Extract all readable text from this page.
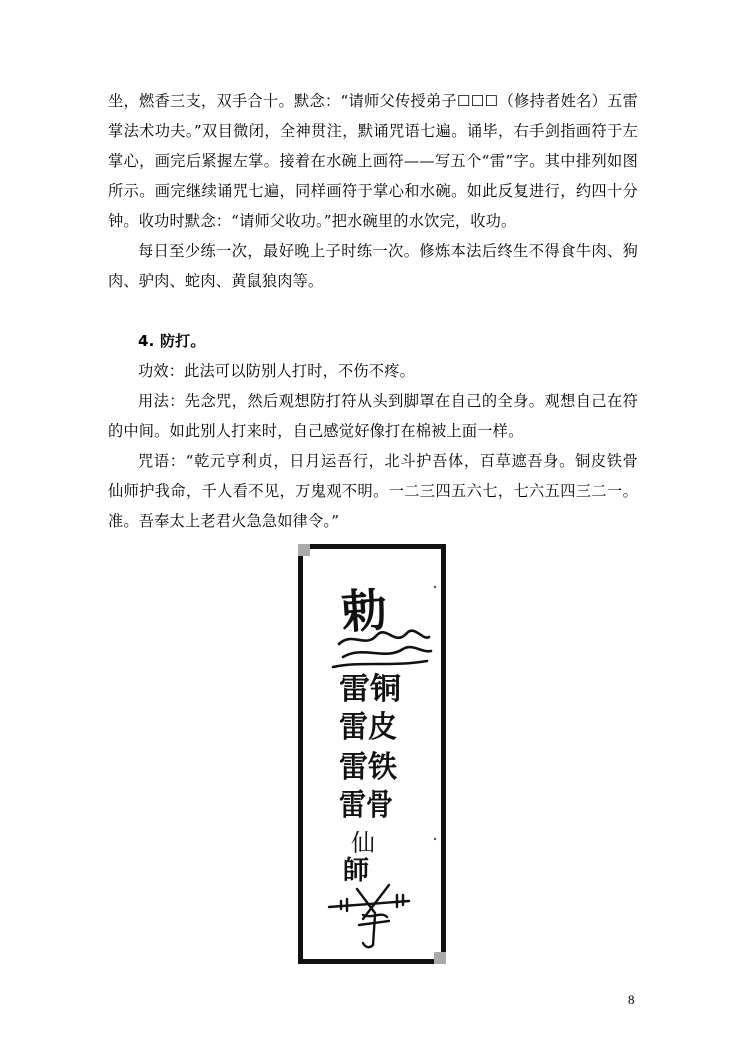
坐，燃香三支，双手合十。默念：“请师父传授弟子☐☐☐（修持者姓名）五雷掌法术功夫。”双目微闭，全神贯注，默诵咒语七遍。诵毕，右手剑指画符于左掌心，画完后紧握左掌。接着在水碗上画符——写五个“雷”字。其中排列如图所示。画完继续诵咒七遍，同样画符于掌心和水碗。如此反复进行，约四十分钟。收功时默念：“请师父收功。”把水碗里的水饮完，收功。

每日至少练一次，最好晚上子时练一次。修炼本法后终生不得食牛肉、狗肉、驴肉、蛇肉、黄鼠狼肉等。

4. 防打。

功效：此法可以防别人打时，不伤不疼。

用法：先念咒，然后观想防打符从头到脚罩在自己的全身。观想自己在符的中间。如此别人打来时，自己感觉好像打在棉被上面一样。

咒语：“乾元亨利贞，日月运吾行，北斗护吾体，百草遮吾身。铜皮铁骨仙师护我命，千人看不见，万鬼观不明。一二三四五六七，七六五四三二一。准。吾奉太上老君火急急如律令。”

勅
雷铜
雷皮
雷铁
雷骨
仙
師
8
